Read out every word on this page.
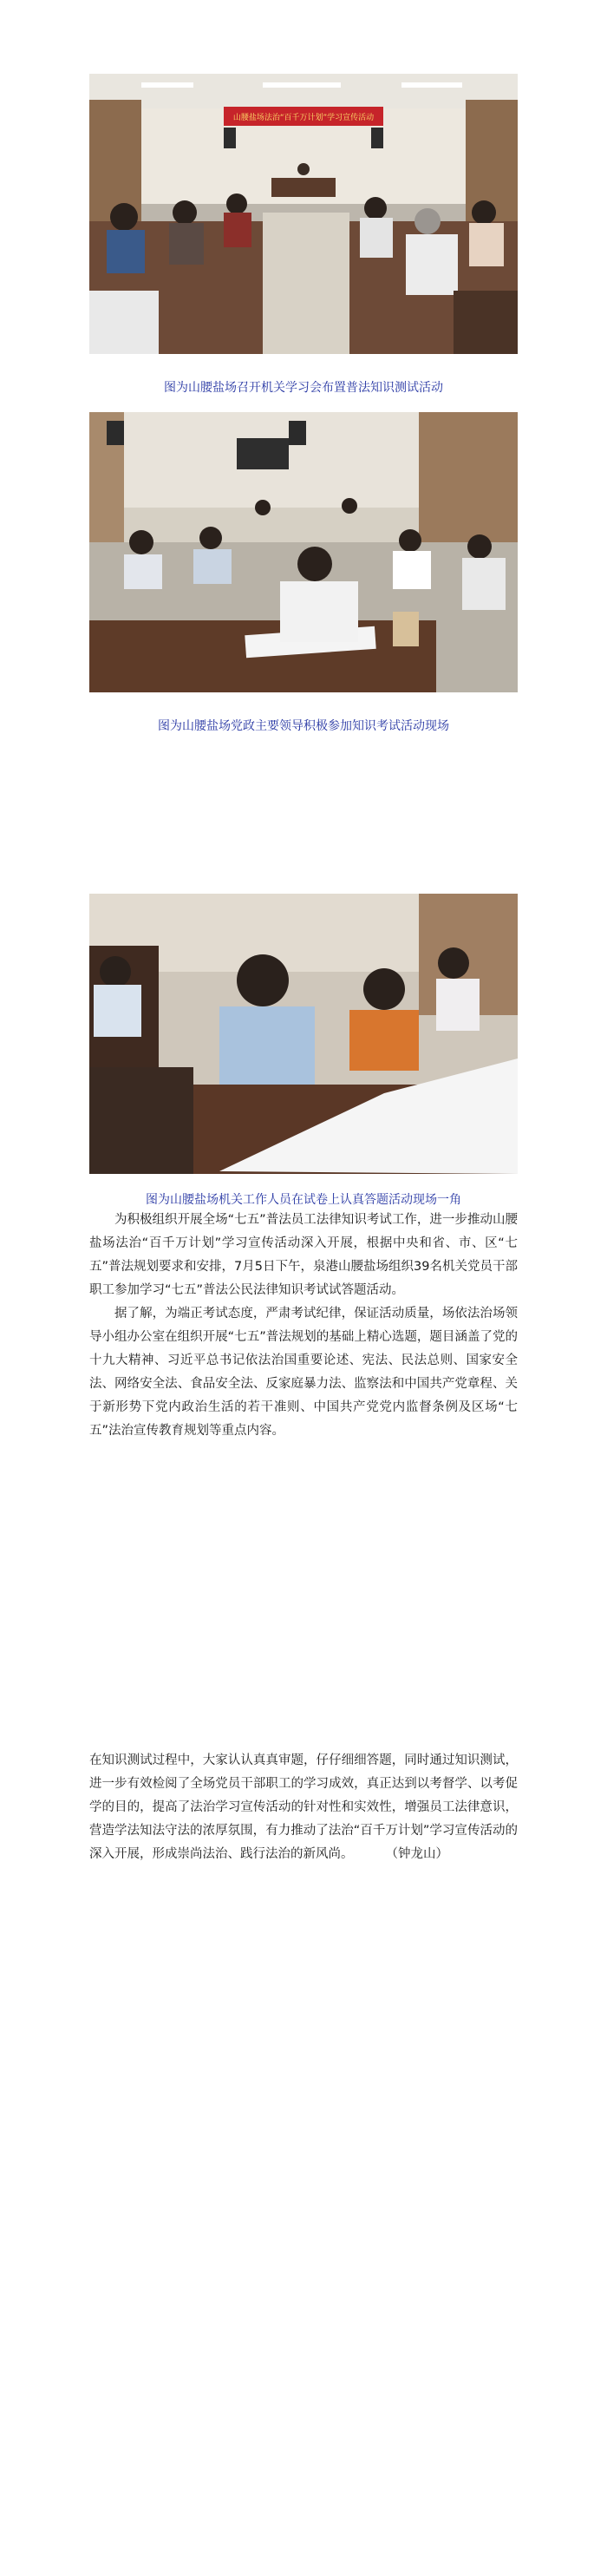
山腰盐场法治“百千万计划”学习宣传活动
图为山腰盐场召开机关学习会布置普法知识测试活动
图为山腰盐场党政主要领导积极参加知识考试活动现场
图为山腰盐场机关工作人员在试卷上认真答题活动现场一角

为积极组织开展全场“七五”普法员工法律知识考试工作，进一步推动山腰盐场法治“百千万计划”学习宣传活动深入开展，根据中央和省、市、区“七五”普法规划要求和安排，7月5日下午，泉港山腰盐场组织39名机关党员干部职工参加学习“七五”普法公民法律知识考试试答题活动。

据了解，为端正考试态度，严肃考试纪律，保证活动质量，场依法治场领导小组办公室在组织开展“七五”普法规划的基础上精心选题，题目涵盖了党的十九大精神、习近平总书记依法治国重要论述、宪法、民法总则、国家安全法、网络安全法、食品安全法、反家庭暴力法、监察法和中国共产党章程、关于新形势下党内政治生活的若干准则、中国共产党党内监督条例及区场“七五”法治宣传教育规划等重点内容。

在知识测试过程中，大家认认真真审题，仔仔细细答题，同时通过知识测试，进一步有效检阅了全场党员干部职工的学习成效，真正达到以考督学、以考促学的目的，提高了法治学习宣传活动的针对性和实效性，增强员工法律意识，营造学法知法守法的浓厚氛围，有力推动了法治“百千万计划”学习宣传活动的深入开展，形成崇尚法治、践行法治的新风尚。	（钟龙山）
